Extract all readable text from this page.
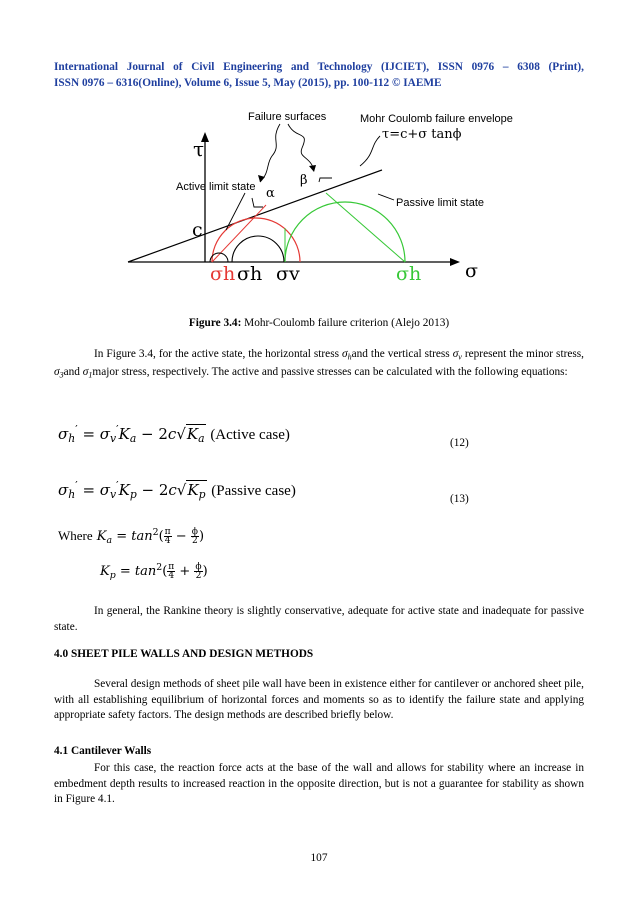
International Journal of Civil Engineering and Technology (IJCIET), ISSN 0976 – 6308 (Print),
ISSN 0976 – 6316(Online), Volume 6, Issue 5, May (2015), pp. 100-112 © IAEME
τ
σ
Failure surfaces	Mohr Coulomb failure envelope
τ=c+σ tanϕ
Active limit state
Passive limit state
α
β
c
σh σh σv	σh
Figure 3.4: Mohr-Coulomb failure criterion (Alejo 2013)
In Figure 3.4, for the active state, the horizontal stress $\sigma_hand$ the vertical stress $\sigma_v$ represent the minor stress, $\sigma_3and$ $\sigma_1major$ stress, respectively. The active and passive stresses can be calculated with the following equations:
$\sigma_h' = \sigma_v'K_a - 2c√K_a$ (Active case)
(12)
$\sigma_h' = \sigma_v'K_p - 2c√K_p$ (Passive case)
(13)
Where $K_a = \tan^2( \frac{\pi}{4} - \frac{\phi}{2}$ )
$K_p = \tan^2( \frac{\pi}{4} + \frac{\phi}{2}$ )
In general, the Rankine theory is slightly conservative, adequate for active state and inadequate for passive state.
4.0 SHEET PILE WALLS AND DESIGN METHODS
Several design methods of sheet pile wall have been in existence either for cantilever or anchored sheet pile, with all establishing equilibrium of horizontal forces and moments so as to identify the failure state and applying appropriate safety factors. The design methods are described briefly below.
4.1 Cantilever Walls
For this case, the reaction force acts at the base of the wall and allows for stability where an increase in embedment depth results to increased reaction in the opposite direction, but is not a guarantee for stability as shown in Figure 4.1.
107
